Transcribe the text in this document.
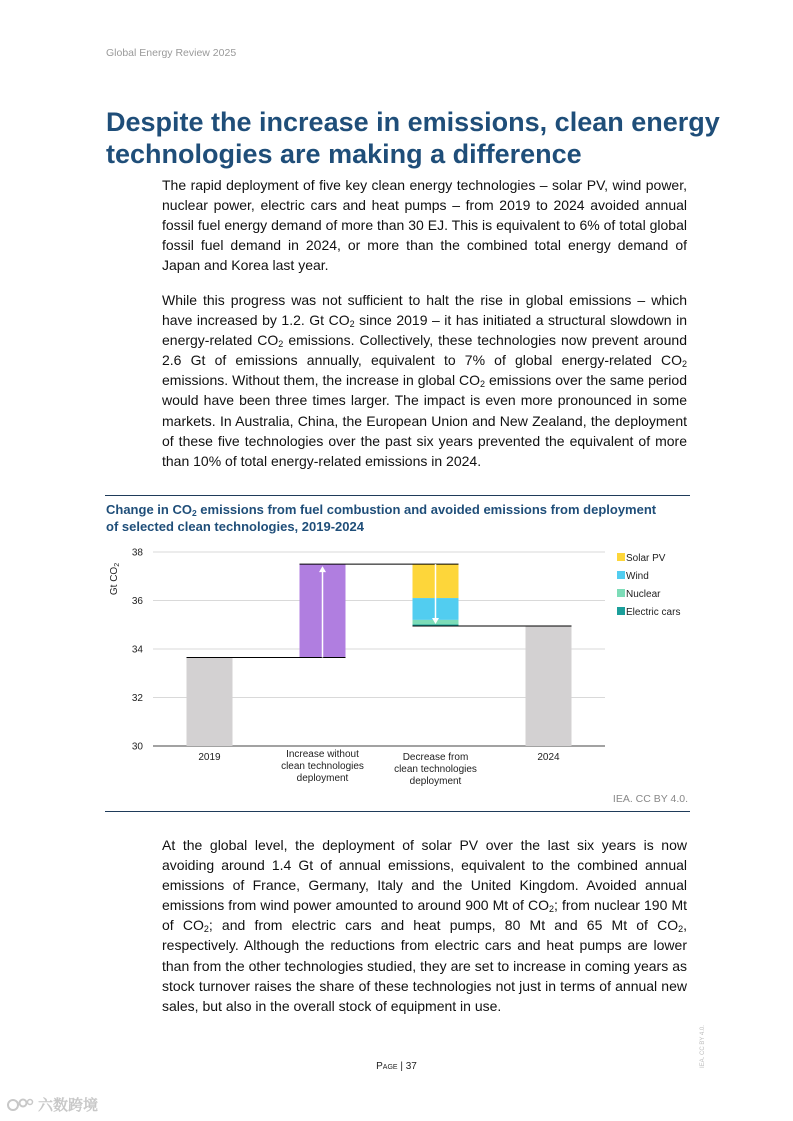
Global Energy Review 2025
Despite the increase in emissions, clean energy technologies are making a difference

The rapid deployment of five key clean energy technologies – solar PV, wind power, nuclear power, electric cars and heat pumps – from 2019 to 2024 avoided annual fossil fuel energy demand of more than 30 EJ. This is equivalent to 6% of total global fossil fuel demand in 2024, or more than the combined total energy demand of Japan and Korea last year.

While this progress was not sufficient to halt the rise in global emissions – which have increased by 1.2. Gt $CO_2$ since 2019 – it has initiated a structural slowdown in energy-related $CO_2$ emissions. Collectively, these technologies now prevent around 2.6 Gt of emissions annually, equivalent to 7% of global energy-related $CO_2$ emissions. Without them, the increase in global $CO_2$ emissions over the same period would have been three times larger. The impact is even more pronounced in some markets. In Australia, China, the European Union and New Zealand, the deployment of these five technologies over the past six years prevented the equivalent of more than 10% of total energy-related emissions in 2024.

Change in $CO_2$ emissions from fuel combustion and avoided emissions from deployment of selected clean technologies, 2019-2024
30
32
34
36
38
Gt $CO_2$
2019	Increase without
clean technologies
deployment
Decrease from
clean technologies
deployment
2024
Solar PV
Wind
Nuclear
Electric cars
IEA. CC BY 4.0.

At the global level, the deployment of solar PV over the last six years is now avoiding around 1.4 Gt of annual emissions, equivalent to the combined annual emissions of France, Germany, Italy and the United Kingdom. Avoided annual emissions from wind power amounted to around 900 Mt of $CO_2$; from nuclear 190 Mt of $CO_2$; and from electric cars and heat pumps, 80 Mt and 65 Mt of $CO_2$, respectively. Although the reductions from electric cars and heat pumps are lower than from the other technologies studied, they are set to increase in coming years as stock turnover raises the share of these technologies not just in terms of annual new sales, but also in the overall stock of equipment in use.

Page | 37	IEA. CC BY 4.0.
六数跨境
